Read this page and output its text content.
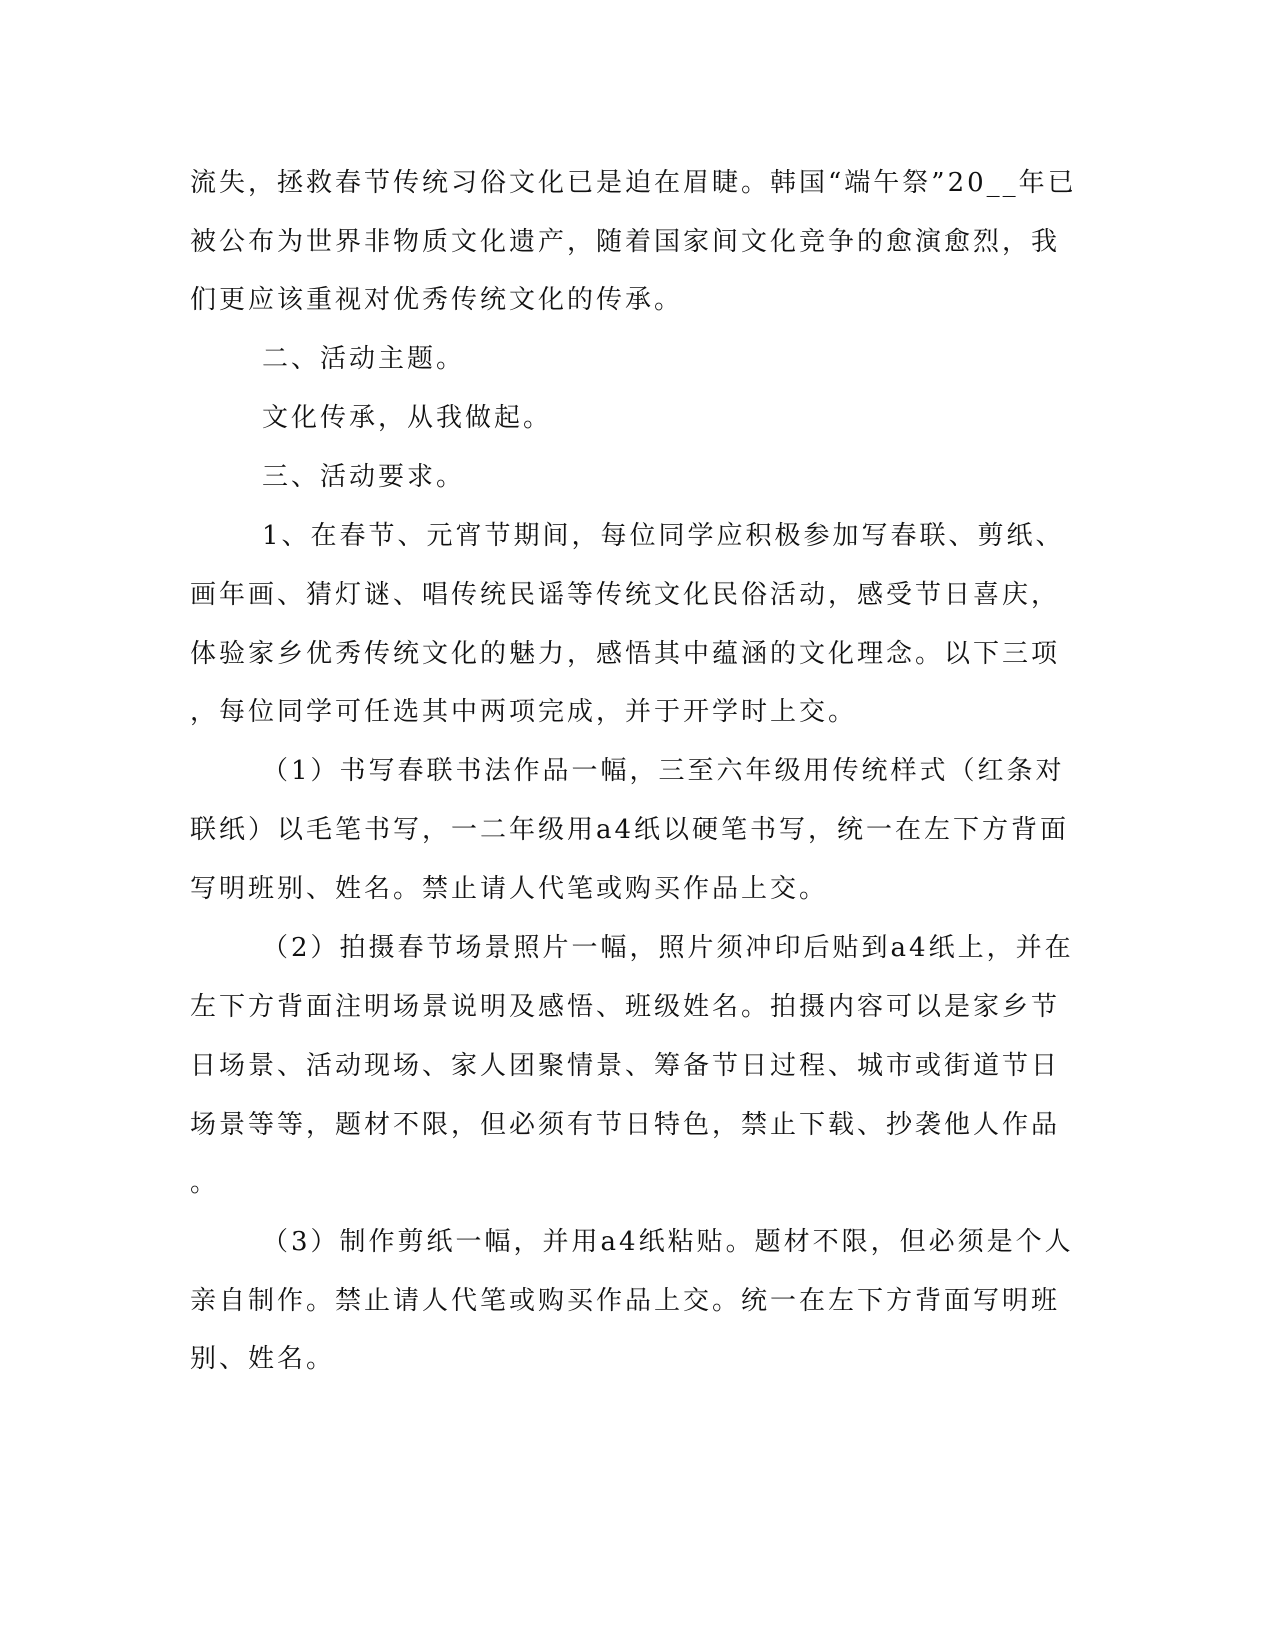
流失，拯救春节传统习俗文化已是迫在眉睫。韩国“端午祭”20__年已
被公布为世界非物质文化遗产，随着国家间文化竞争的愈演愈烈，我
们更应该重视对优秀传统文化的传承。
二、活动主题。
文化传承，从我做起。
三、活动要求。
1、在春节、元宵节期间，每位同学应积极参加写春联、剪纸、
画年画、猜灯谜、唱传统民谣等传统文化民俗活动，感受节日喜庆，
体验家乡优秀传统文化的魅力，感悟其中蕴涵的文化理念。以下三项
，每位同学可任选其中两项完成，并于开学时上交。
（1）书写春联书法作品一幅，三至六年级用传统样式（红条对
联纸）以毛笔书写，一二年级用a4纸以硬笔书写，统一在左下方背面
写明班别、姓名。禁止请人代笔或购买作品上交。
（2）拍摄春节场景照片一幅，照片须冲印后贴到a4纸上，并在
左下方背面注明场景说明及感悟、班级姓名。拍摄内容可以是家乡节
日场景、活动现场、家人团聚情景、筹备节日过程、城市或街道节日
场景等等，题材不限，但必须有节日特色，禁止下载、抄袭他人作品
。
（3）制作剪纸一幅，并用a4纸粘贴。题材不限，但必须是个人
亲自制作。禁止请人代笔或购买作品上交。统一在左下方背面写明班
别、姓名。
